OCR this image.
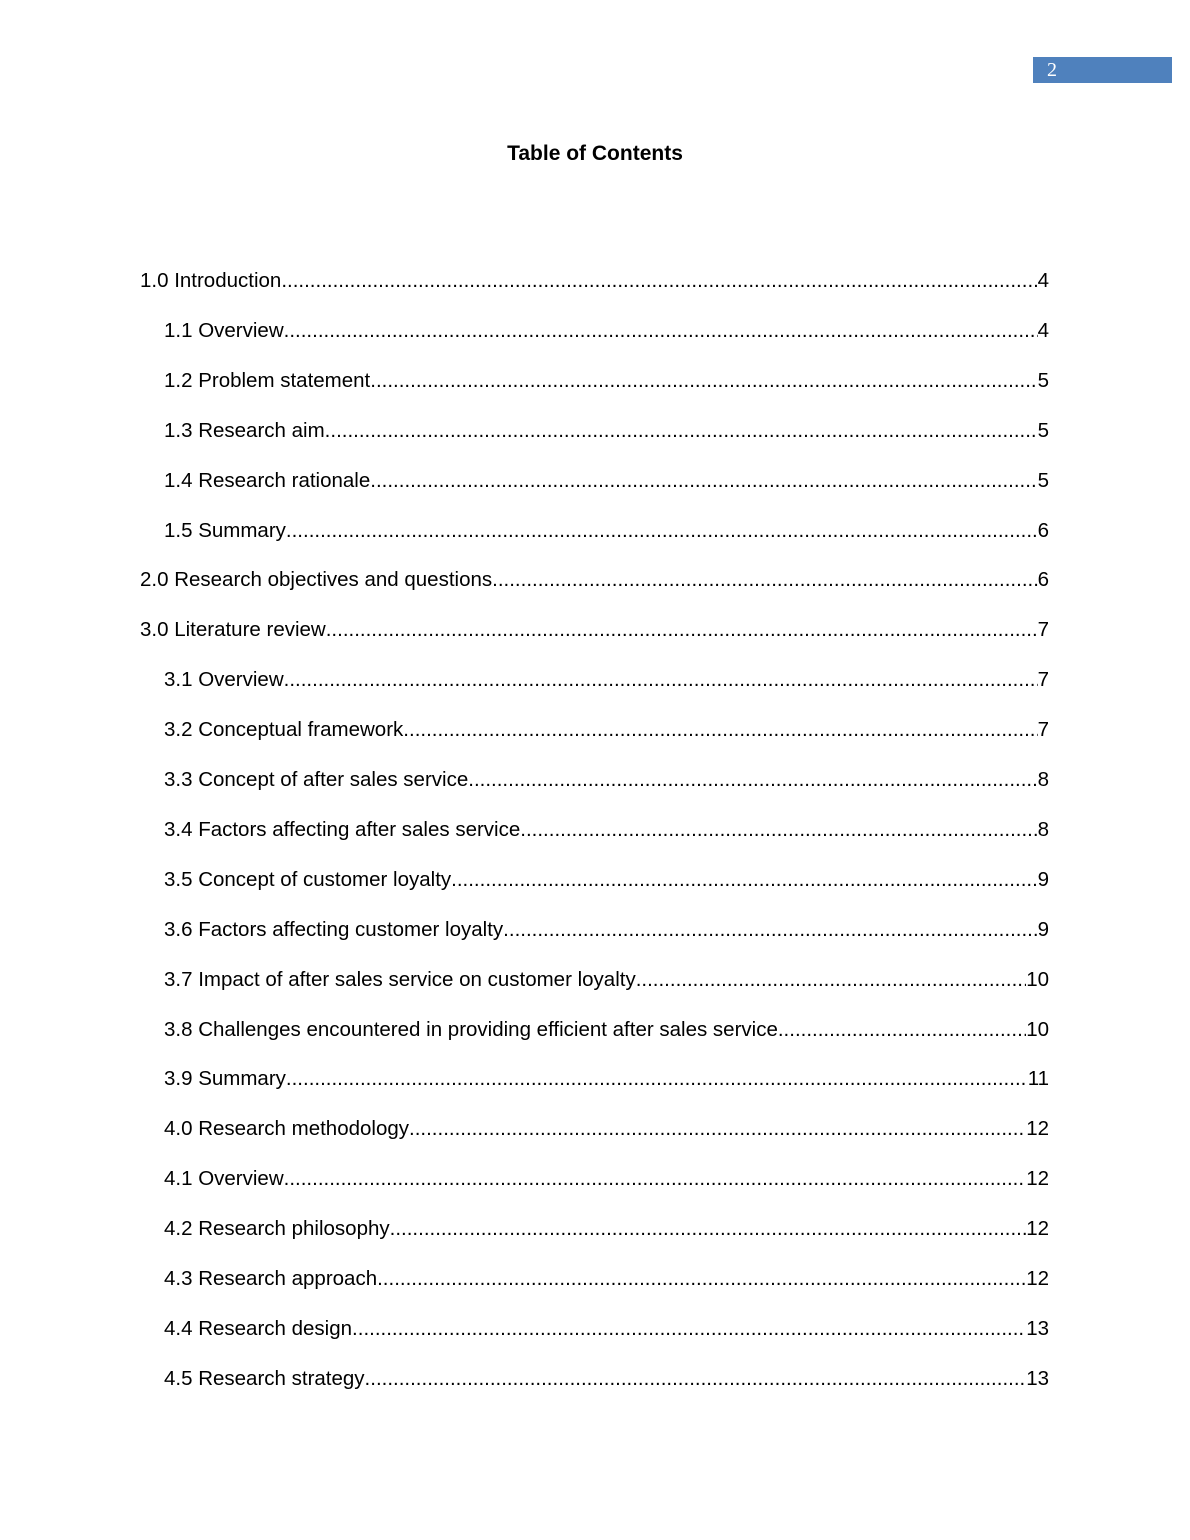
2
Table of Contents
1.0 Introduction .....	4
1.1 Overview .....	4
1.2 Problem statement .....	5
1.3 Research aim .....	5
1.4 Research rationale .....	5
1.5 Summary .....	6
2.0 Research objectives and questions .....	6
3.0 Literature review .....	7
3.1 Overview .....	7
3.2 Conceptual framework .....	7
3.3 Concept of after sales service .....	8
3.4 Factors affecting after sales service .....	8
3.5 Concept of customer loyalty .....	9
3.6 Factors affecting customer loyalty .....	9
3.7 Impact of after sales service on customer loyalty .....	10
3.8 Challenges encountered in providing efficient after sales service .....	10
3.9 Summary .....	11
4.0 Research methodology .....	12
4.1 Overview .....	12
4.2 Research philosophy .....	12
4.3 Research approach .....	12
4.4 Research design .....	13
4.5 Research strategy .....	13
